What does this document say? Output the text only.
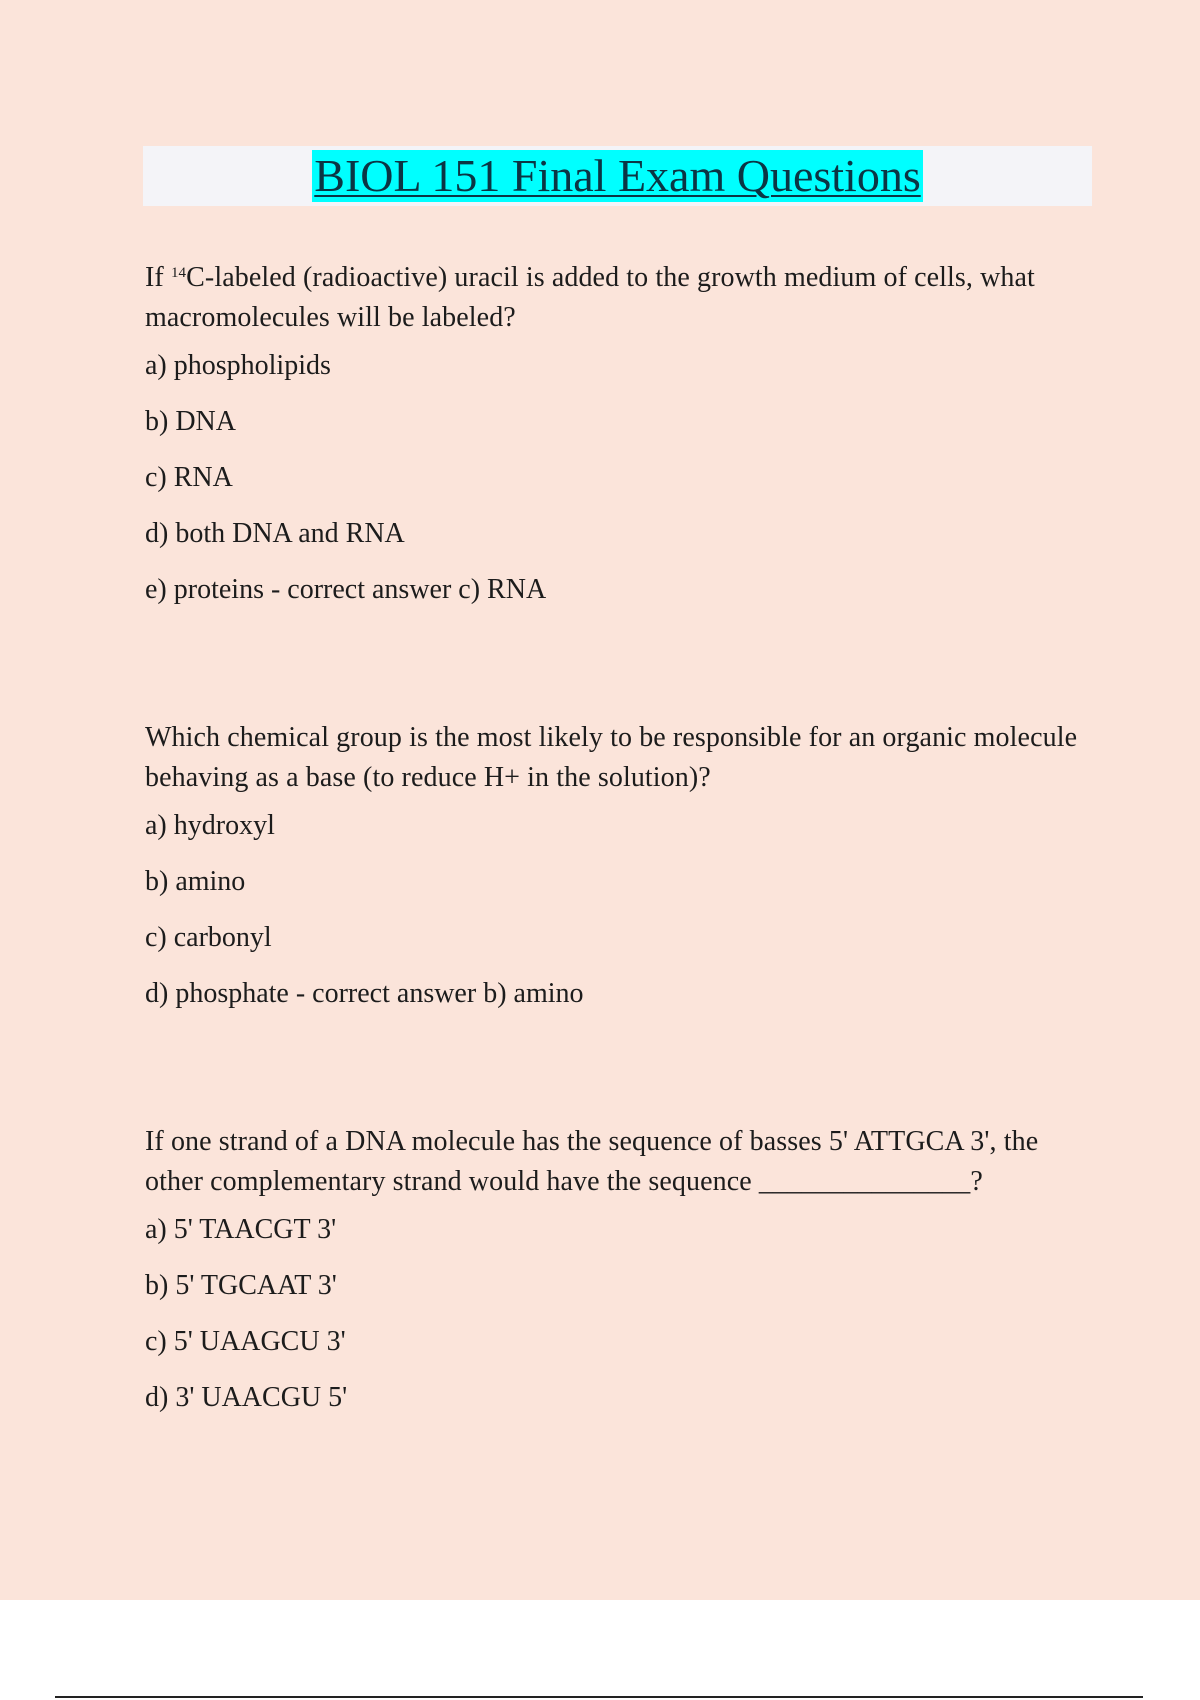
BIOL 151 Final Exam Questions

If $^{14}$C-labeled (radioactive) uracil is added to the growth medium of cells, what macromolecules will be labeled?

a) phospholipids

b) DNA

c) RNA

d) both DNA and RNA

e) proteins - correct answer c) RNA

Which chemical group is the most likely to be responsible for an organic molecule behaving as a base (to reduce H+ in the solution)?

a) hydroxyl

b) amino

c) carbonyl

d) phosphate - correct answer b) amino

If one strand of a DNA molecule has the sequence of basses 5' ATTGCA 3', the other complementary strand would have the sequence _______________?

a) 5' TAACGT 3'

b) 5' TGCAAT 3'

c) 5' UAAGCU 3'

d) 3' UAACGU 5'
